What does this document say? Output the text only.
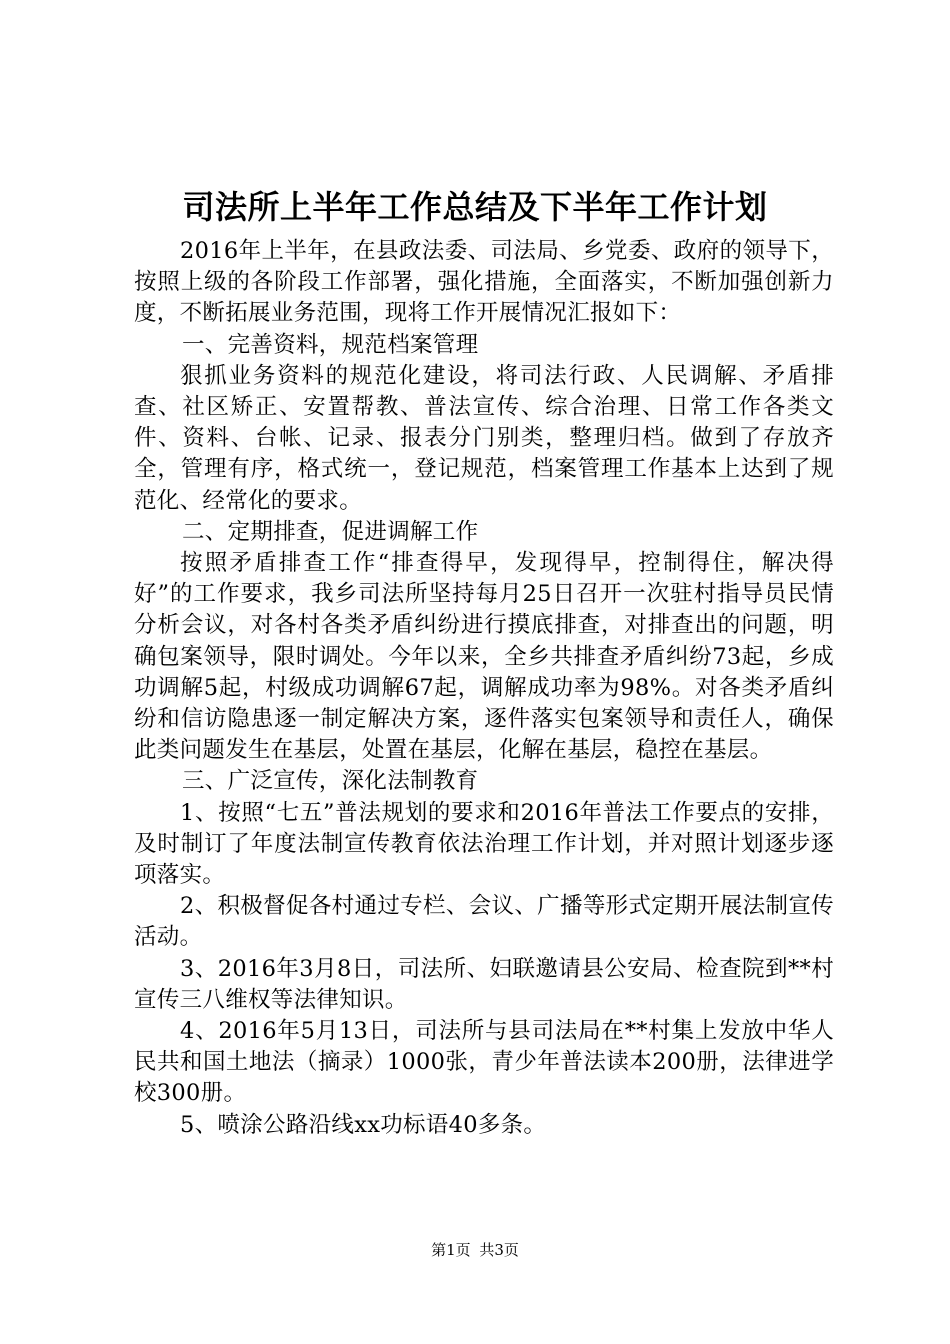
司法所上半年工作总结及下半年工作计划

2016年上半年，在县政法委、司法局、乡党委、政府的领导下，按照上级的各阶段工作部署，强化措施，全面落实，不断加强创新力度，不断拓展业务范围，现将工作开展情况汇报如下：

一、完善资料，规范档案管理

狠抓业务资料的规范化建设，将司法行政、人民调解、矛盾排查、社区矫正、安置帮教、普法宣传、综合治理、日常工作各类文件、资料、台帐、记录、报表分门别类，整理归档。做到了存放齐全，管理有序，格式统一，登记规范，档案管理工作基本上达到了规范化、经常化的要求。

二、定期排查，促进调解工作

按照矛盾排查工作“排查得早，发现得早，控制得住，解决得好”的工作要求，我乡司法所坚持每月25日召开一次驻村指导员民情分析会议，对各村各类矛盾纠纷进行摸底排查，对排查出的问题，明确包案领导，限时调处。今年以来，全乡共排查矛盾纠纷73起，乡成功调解5起，村级成功调解67起，调解成功率为98%。对各类矛盾纠纷和信访隐患逐一制定解决方案，逐件落实包案领导和责任人，确保此类问题发生在基层，处置在基层，化解在基层，稳控在基层。

三、广泛宣传，深化法制教育

1、按照“七五”普法规划的要求和2016年普法工作要点的安排，及时制订了年度法制宣传教育依法治理工作计划，并对照计划逐步逐项落实。

2、积极督促各村通过专栏、会议、广播等形式定期开展法制宣传活动。

3、2016年3月8日，司法所、妇联邀请县公安局、检查院到**村宣传三八维权等法律知识。

4、2016年5月13日，司法所与县司法局在**村集上发放中华人民共和国土地法（摘录）1000张，青少年普法读本200册，法律进学校300册。

5、喷涂公路沿线xx功标语40多条。

第1页 共3页
